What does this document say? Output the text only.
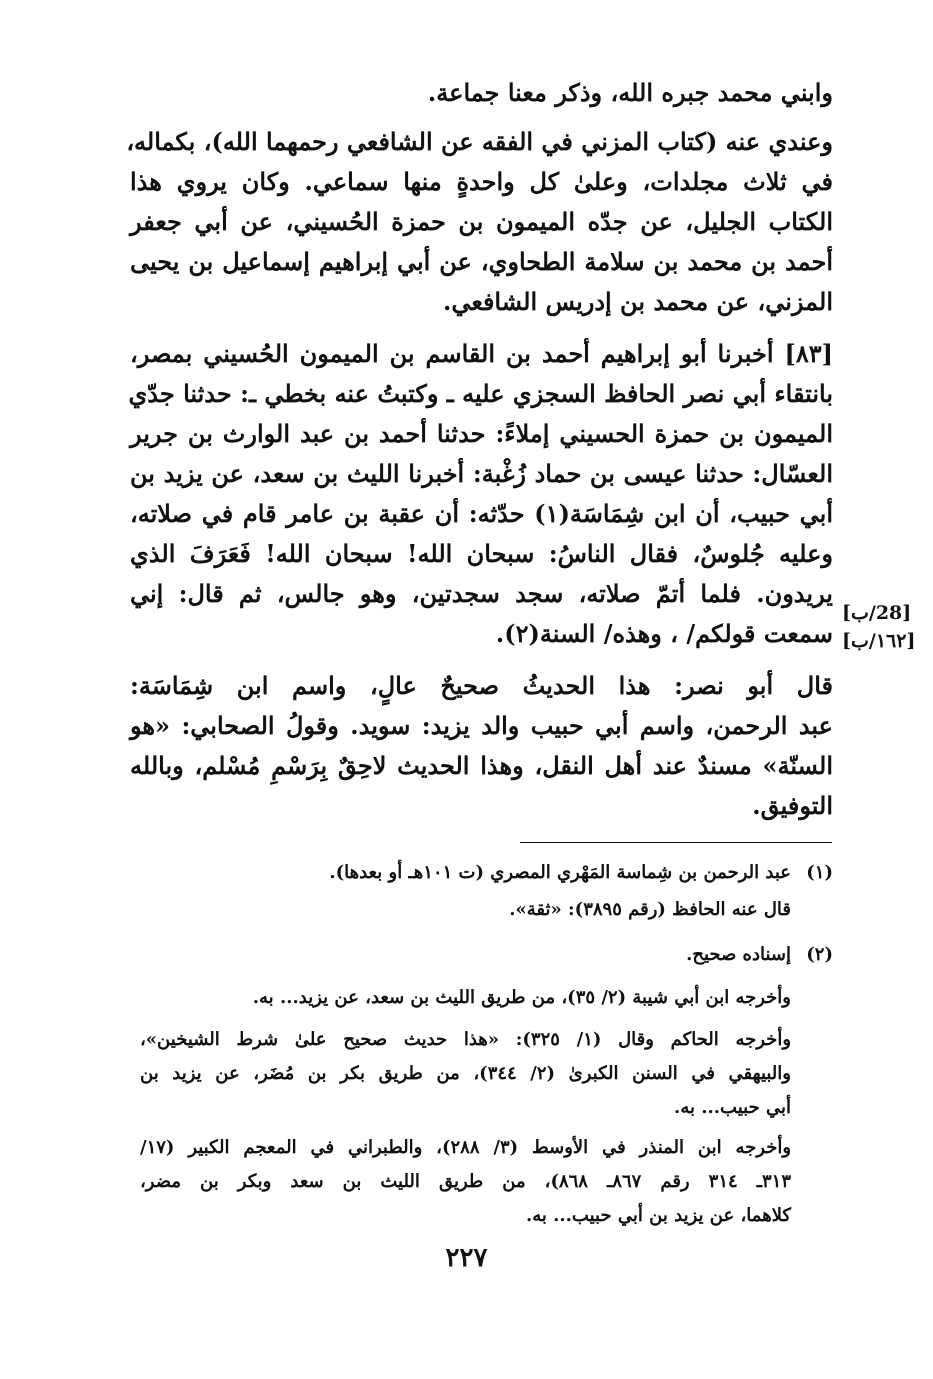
وابني محمد جبره الله، وذكر معنا جماعة.
وعندي عنه (كتاب المزني في الفقه عن الشافعي رحمهما الله)، بكماله،
في ثلاث مجلدات، وعلىٰ كل واحدةٍ منها سماعي. وكان يروي هذا
الكتاب الجليل، عن جدّه الميمون بن حمزة الحُسيني، عن أبي جعفر
أحمد بن محمد بن سلامة الطحاوي، عن أبي إبراهيم إسماعيل بن يحيى
المزني، عن محمد بن إدريس الشافعي.
[٨٣] أخبرنا أبو إبراهيم أحمد بن القاسم بن الميمون الحُسيني بمصر،
بانتقاء أبي نصر الحافظ السجزي عليه ـ وكتبتُ عنه بخطي ـ: حدثنا جدّي
الميمون بن حمزة الحسيني إملاءً: حدثنا أحمد بن عبد الوارث بن جرير
العسّال: حدثنا عيسى بن حماد زُغْبة: أخبرنا الليث بن سعد، عن يزيد بن
أبي حبيب، أن ابن شِمَاسَة(١) حدّثه: أن عقبة بن عامر قام في صلاته،
وعليه جُلوسٌ، فقال الناسُ: سبحان الله! سبحان الله! فَعَرَفَ الذي
يريدون. فلما أتمّ صلاته، سجد سجدتين، وهو جالس، ثم قال: إني
سمعت قولكم/ ، وهذه/ السنة(٢).
[28/ب]
[١٦٢/ب]
قال أبو نصر: هذا الحديثُ صحيحٌ عالٍ، واسم ابن شِمَاسَة:
عبد الرحمن، واسم أبي حبيب والد يزيد: سويد. وقولُ الصحابي: «هو
السنّة» مسندٌ عند أهل النقل، وهذا الحديث لاحِقٌ بِرَسْمِ مُسْلم، وبالله
التوفيق.
(١)
عبد الرحمن بن شِماسة المَهْري المصري (ت ١٠١هـ أو بعدها).
قال عنه الحافظ (رقم ٣٨٩٥): «ثقة».
(٢)
إسناده صحيح.
وأخرجه ابن أبي شيبة (٢/ ٣٥)، من طريق الليث بن سعد، عن يزيد... به.
وأخرجه الحاكم وقال (١/ ٣٢٥): «هذا حديث صحيح علىٰ شرط الشيخين»،
والبيهقي في السنن الكبرىٰ (٢/ ٣٤٤)، من طريق بكر بن مُضَر، عن يزيد بن
أبي حبيب... به.
وأخرجه ابن المنذر في الأوسط (٣/ ٢٨٨)، والطبراني في المعجم الكبير (١٧/
٣١٣ـ ٣١٤ رقم ٨٦٧ـ ٨٦٨)، من طريق الليث بن سعد وبكر بن مضر،
كلاهما، عن يزيد بن أبي حبيب... به.
٢٢٧
